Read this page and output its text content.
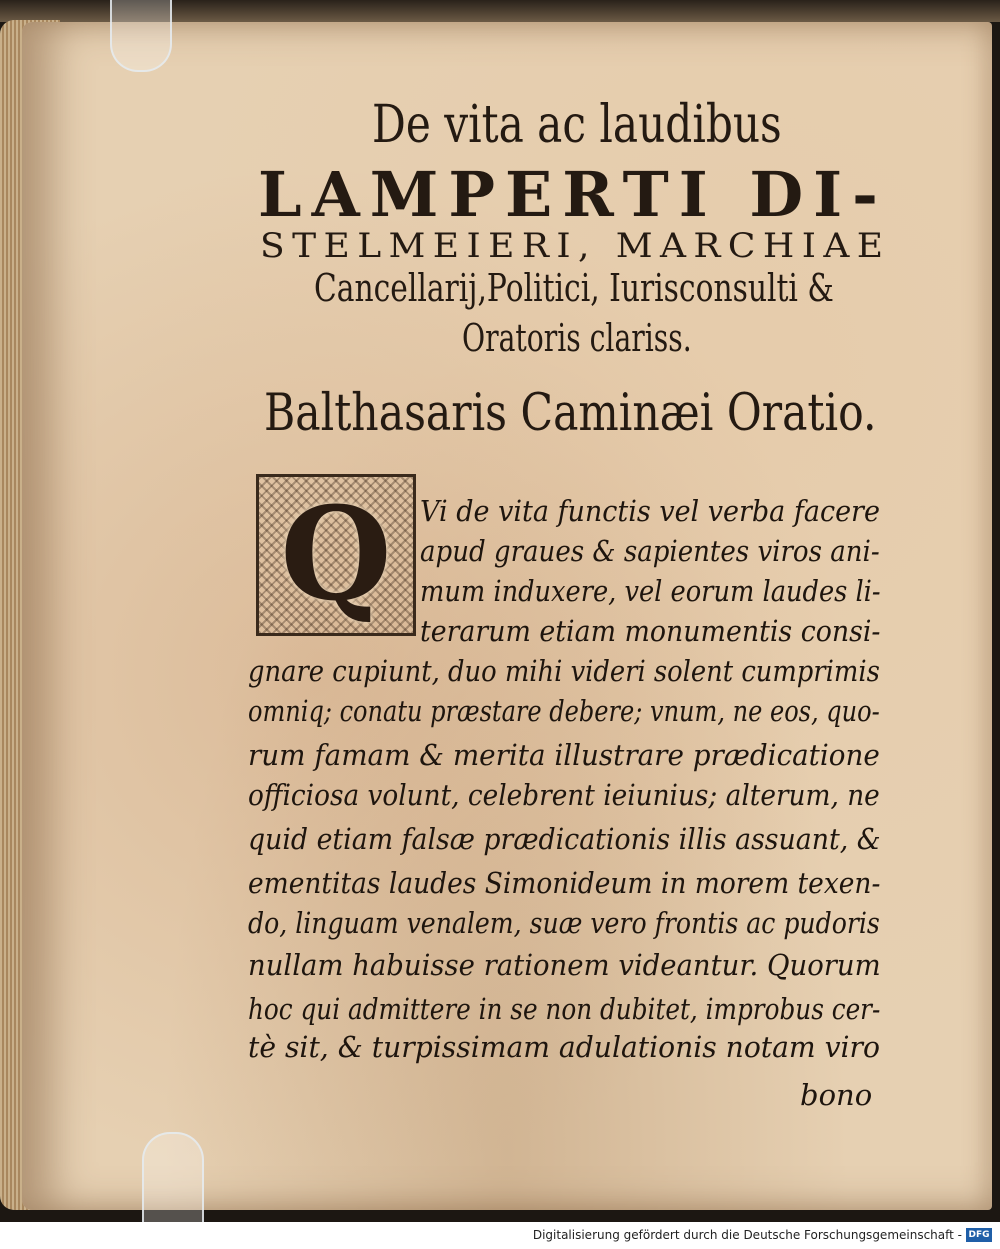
De vita ac laudibus
LAMPERTI DI-
STELMEIERI, MARCHIAE
Cancellarij,Politici, Iurisconsulti &
Oratoris clariss.
Balthasaris Caminæi Oratio.
Q Vi de vita functis vel verba facere
apud graues & sapientes viros ani-
mum induxere, vel eorum laudes li-
terarum etiam monumentis consi-
gnare cupiunt, duo mihi videri solent cumprimis
omniq; conatu præstare debere; vnum, ne eos, quo-
rum famam & merita illustrare prædicatione
officiosa volunt, celebrent ieiunius; alterum, ne
quid etiam falsæ prædicationis illis assuant, &
ementitas laudes Simonideum in morem texen-
do, linguam venalem, suæ vero frontis ac pudoris
nullam habuisse rationem videantur. Quorum
hoc qui admittere in se non dubitet, improbus cer-
tè sit, & turpissimam adulationis notam viro
bono
Digitalisierung gefördert durch die Deutsche Forschungsgemeinschaft - DFG
